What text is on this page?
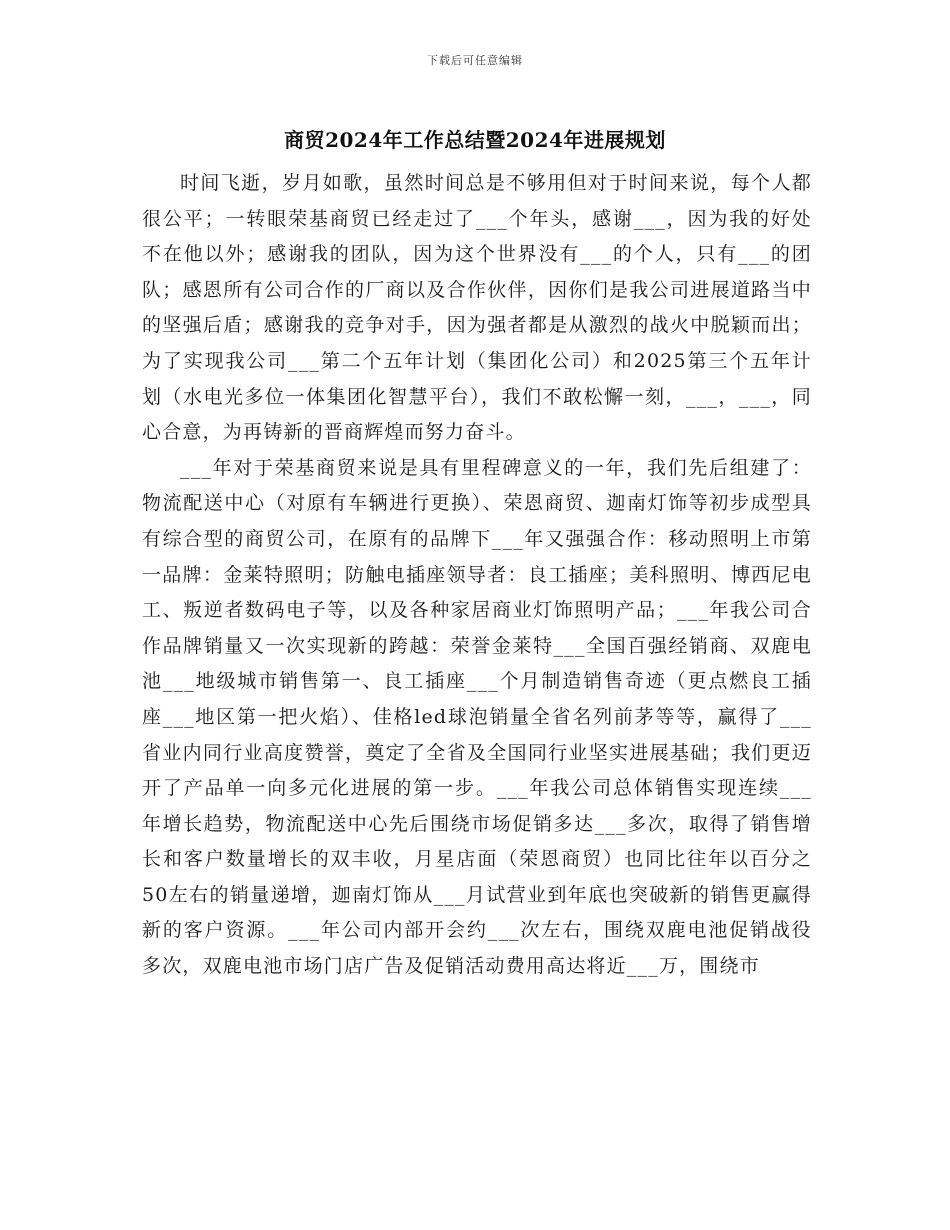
下载后可任意编辑
商贸2024年工作总结暨2024年进展规划

时间飞逝，岁月如歌，虽然时间总是不够用但对于时间来说，每个人都很公平；一转眼荣基商贸已经走过了___个年头，感谢___，因为我的好处不在他以外；感谢我的团队，因为这个世界没有___的个人，只有___的团队；感恩所有公司合作的厂商以及合作伙伴，因你们是我公司进展道路当中的坚强后盾；感谢我的竞争对手，因为强者都是从激烈的战火中脱颖而出；为了实现我公司___第二个五年计划（集团化公司）和2025第三个五年计划（水电光多位一体集团化智慧平台），我们不敢松懈一刻，___，___，同心合意，为再铸新的晋商辉煌而努力奋斗。

___年对于荣基商贸来说是具有里程碑意义的一年，我们先后组建了：物流配送中心（对原有车辆进行更换）、荣恩商贸、迦南灯饰等初步成型具有综合型的商贸公司，在原有的品牌下___年又强强合作：移动照明上市第一品牌：金莱特照明；防触电插座领导者：良工插座；美科照明、博西尼电工、叛逆者数码电子等，以及各种家居商业灯饰照明产品；___年我公司合作品牌销量又一次实现新的跨越：荣誉金莱特___全国百强经销商、双鹿电池___地级城市销售第一、良工插座___个月制造销售奇迹（更点燃良工插座___地区第一把火焰）、佳格led球泡销量全省名列前茅等等，赢得了___省业内同行业高度赞誉，奠定了全省及全国同行业坚实进展基础；我们更迈开了产品单一向多元化进展的第一步。___年我公司总体销售实现连续___年增长趋势，物流配送中心先后围绕市场促销多达___多次，取得了销售增长和客户数量增长的双丰收，月星店面（荣恩商贸）也同比往年以百分之50左右的销量递增，迦南灯饰从___月试营业到年底也突破新的销售更赢得新的客户资源。___年公司内部开会约___次左右，围绕双鹿电池促销战役多次，双鹿电池市场门店广告及促销活动费用高达将近___万，围绕市
